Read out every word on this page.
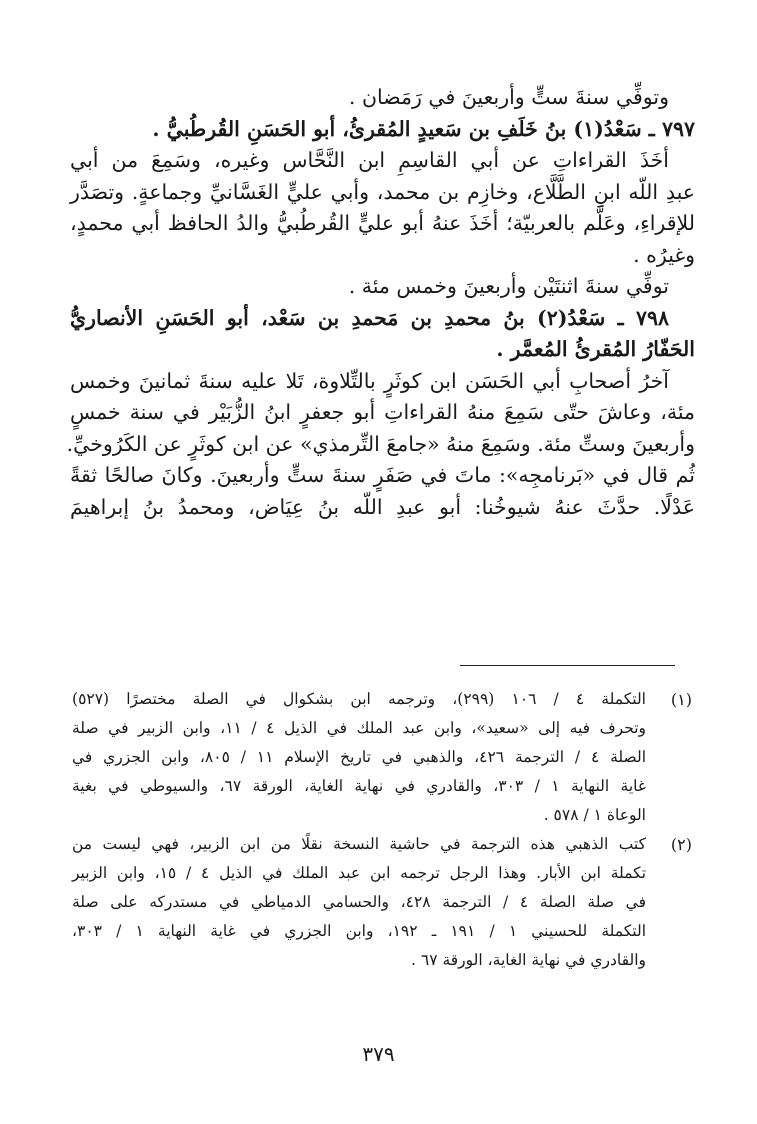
وتوفِّي سنةَ ستٍّ وأربعينَ في رَمَضان .
٧٩٧ ـ سَعْدُ(١) بنُ خَلَفِ بن سَعيدٍ المُقرئُ، أبو الحَسَنِ القُرطُبيُّ .
أخَذَ القراءاتِ عن أبي القاسِمِ ابن النَّحَّاس وغيره، وسَمِعَ من أبي
عبدِ اللّه ابنِ الطَّلَّاع، وخازِم بن محمد، وأبي عليٍّ الغَسَّانيِّ وجماعةٍ. وتصَدَّر
للإقراءِ، وعَلَّم بالعربيّة؛ أخَذَ عنهُ أبو عليٍّ القُرطُبيُّ والدُ الحافظ أبي محمدٍ،
وغيرُه .
توفِّي سنةَ اثنتَيْن وأربعينَ وخمس مئة .
٧٩٨ ـ سَعْدُ(٢) بنُ محمدِ بن مَحمدِ بن سَعْد، أبو الحَسَنِ الأنصاريُّ
الحَفّارُ المُقرئُ المُعمَّر .
آخرُ أصحابِ أبي الحَسَن ابن كوثَرٍ بالتِّلاوة، تَلا عليه سنةَ ثمانينَ وخمس
مئة، وعاشَ حتّى سَمِعَ منهُ القراءاتِ أبو جعفرٍ ابنُ الزُّبَيْر في سنة خمسٍ
وأربعينَ وستِّ مئة. وسَمِعَ منهُ «جامعَ التِّرمذي» عن ابن كوثَرٍ عن الكَرُوخيِّ.
ثُم قال في «بَرنامجِه»: ماتَ في صَفَرٍ سنةَ ستٍّ وأربعينَ. وكانَ صالحًا ثقةً
عَدْلًا. حدَّثَ عنهُ شيوخُنا: أبو عبدِ اللّه بنُ عِيَاض، ومحمدُ بنُ إبراهيمَ
(١)
التكملة ٤ / ١٠٦ (٢٩٩)، وترجمه ابن بشكوال في الصلة مختصرًا (٥٢٧)
وتحرف فيه إلى «سعيد»، وابن عبد الملك في الذيل ٤ / ١١، وابن الزبير في صلة
الصلة ٤ / الترجمة ٤٢٦، والذهبي في تاريخ الإسلام ١١ / ٨٠٥، وابن الجزري في
غاية النهاية ١ / ٣٠٣، والقادري في نهاية الغاية، الورقة ٦٧، والسيوطي في بغية
الوعاة ١ / ٥٧٨ .
(٢)
كتب الذهبي هذه الترجمة في حاشية النسخة نقلًا من ابن الزبير، فهي ليست من
تكملة ابن الأبار. وهذا الرجل ترجمه ابن عبد الملك في الذيل ٤ / ١٥، وابن الزبير
في صلة الصلة ٤ / الترجمة ٤٢٨، والحسامي الدمياطي في مستدركه على صلة
التكملة للحسيني ١ / ١٩١ ـ ١٩٢، وابن الجزري في غاية النهاية ١ / ٣٠٣،
والقادري في نهاية الغاية، الورقة ٦٧ .
٣٧٩
